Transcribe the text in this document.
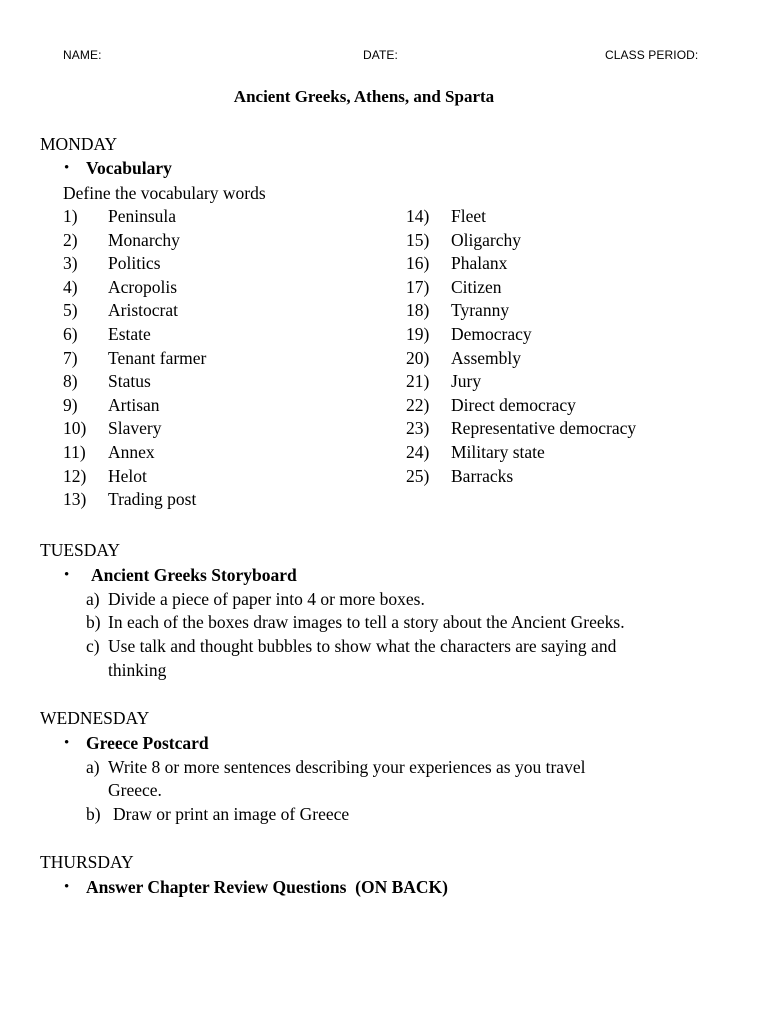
NAME:	DATE:	CLASS PERIOD:
Ancient Greeks, Athens, and Sparta
MONDAY
• Vocabulary
Define the vocabulary words
1) Peninsula
2) Monarchy
3) Politics
4) Acropolis
5) Aristocrat
6) Estate
7) Tenant farmer
8) Status
9) Artisan
10) Slavery
11) Annex
12) Helot
13) Trading post
14) Fleet
15) Oligarchy
16) Phalanx
17) Citizen
18) Tyranny
19) Democracy
20) Assembly
21) Jury
22) Direct democracy
23) Representative democracy
24) Military state
25) Barracks
TUESDAY
• Ancient Greeks Storyboard
a) Divide a piece of paper into 4 or more boxes.
b) In each of the boxes draw images to tell a story about the Ancient Greeks.
c) Use talk and thought bubbles to show what the characters are saying and
thinking
WEDNESDAY
• Greece Postcard
a) Write 8 or more sentences describing your experiences as you travel
Greece.
b) Draw or print an image of Greece
THURSDAY
• Answer Chapter Review Questions  (ON BACK)
